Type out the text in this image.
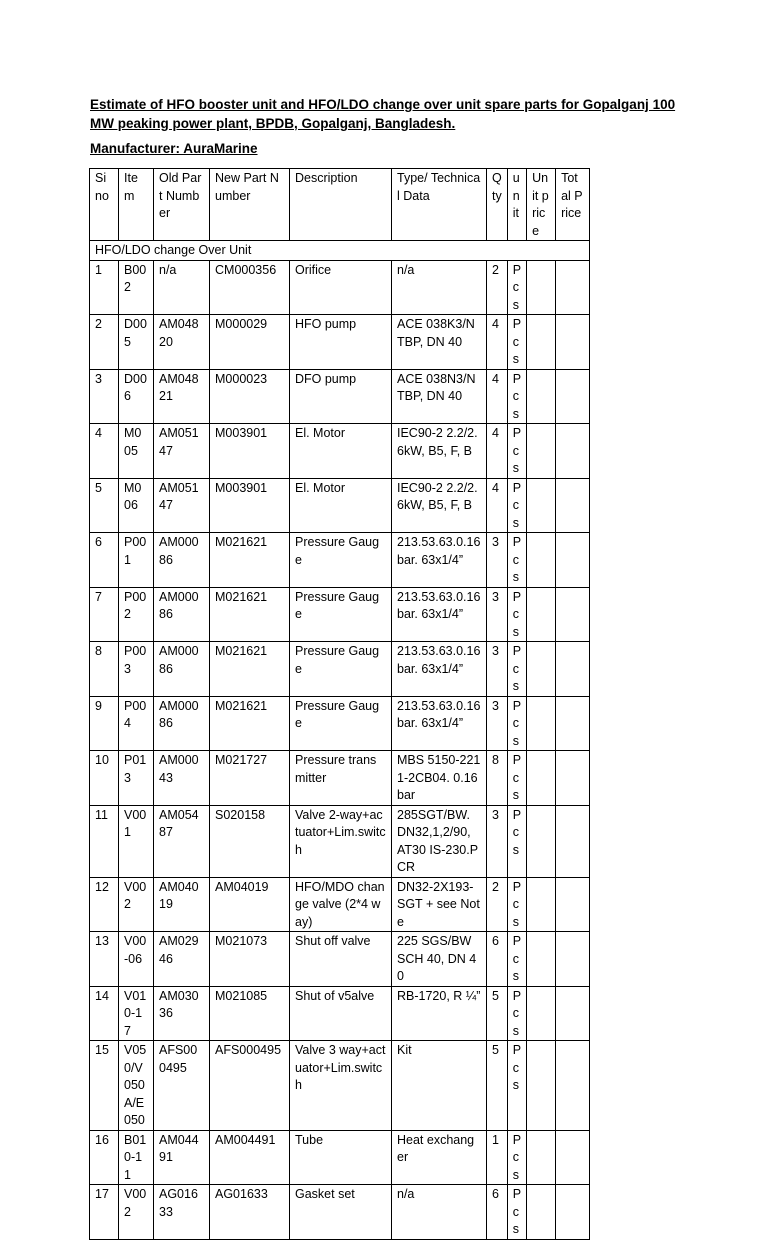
Estimate of HFO booster unit and HFO/LDO change over unit spare parts for Gopalganj 100 MW peaking power plant, BPDB, Gopalganj, Bangladesh.
Manufacturer: AuraMarine
Si no	Item	Old Part Number	New Part Number	Description	Type/ Technical Data	Qty	unit	Unit price	Total Price
HFO/LDO change Over Unit									
1	B002	n/a	CM000356	Orifice	n/a	2	Pcs		
2	D005	AM04820	M000029	HFO pump	ACE 038K3/NTBP, DN 40	4	Pcs		
3	D006	AM04821	M000023	DFO pump	ACE 038N3/NTBP, DN 40	4	Pcs		
4	M005	AM05147	M003901	El. Motor	IEC90-2 2.2/2.6kW, B5, F, B	4	Pcs		
5	M006	AM05147	M003901	El. Motor	IEC90-2 2.2/2.6kW, B5, F, B	4	Pcs		
6	P001	AM00086	M021621	Pressure Gauge	213.53.63.0.16 bar. 63x1/4”	3	Pcs		
7	P002	AM00086	M021621	Pressure Gauge	213.53.63.0.16 bar. 63x1/4”	3	Pcs		
8	P003	AM00086	M021621	Pressure Gauge	213.53.63.0.16 bar. 63x1/4”	3	Pcs		
9	P004	AM00086	M021621	Pressure Gauge	213.53.63.0.16 bar. 63x1/4”	3	Pcs		
10	P013	AM00043	M021727	Pressure transmitter	MBS 5150-2211-2CB04. 0.16bar	8	Pcs		
11	V001	AM05487	S020158	Valve 2-way+actuator+Lim.switch	285SGT/BW. DN32,1,2/90, AT30 IS-230.PCR	3	Pcs		
12	V002	AM04019	AM04019	HFO/MDO change valve (2*4 way)	DN32-2X193-SGT + see Note	2	Pcs		
13	V00-06	AM02946	M021073	Shut off valve	225 SGS/BW SCH 40, DN 40	6	Pcs		
14	V010-17	AM03036	M021085	Shut of v5alve	RB-1720, R ¼”	5	Pcs		
15	V050/V050A/E050	AFS000495	AFS000495	Valve 3 way+actuator+Lim.switch	Kit	5	Pcs		
16	B010-11	AM04491	AM004491	Tube	Heat exchanger	1	Pcs		
17	V002	AG01633	AG01633	Gasket set	n/a	6	Pcs		
